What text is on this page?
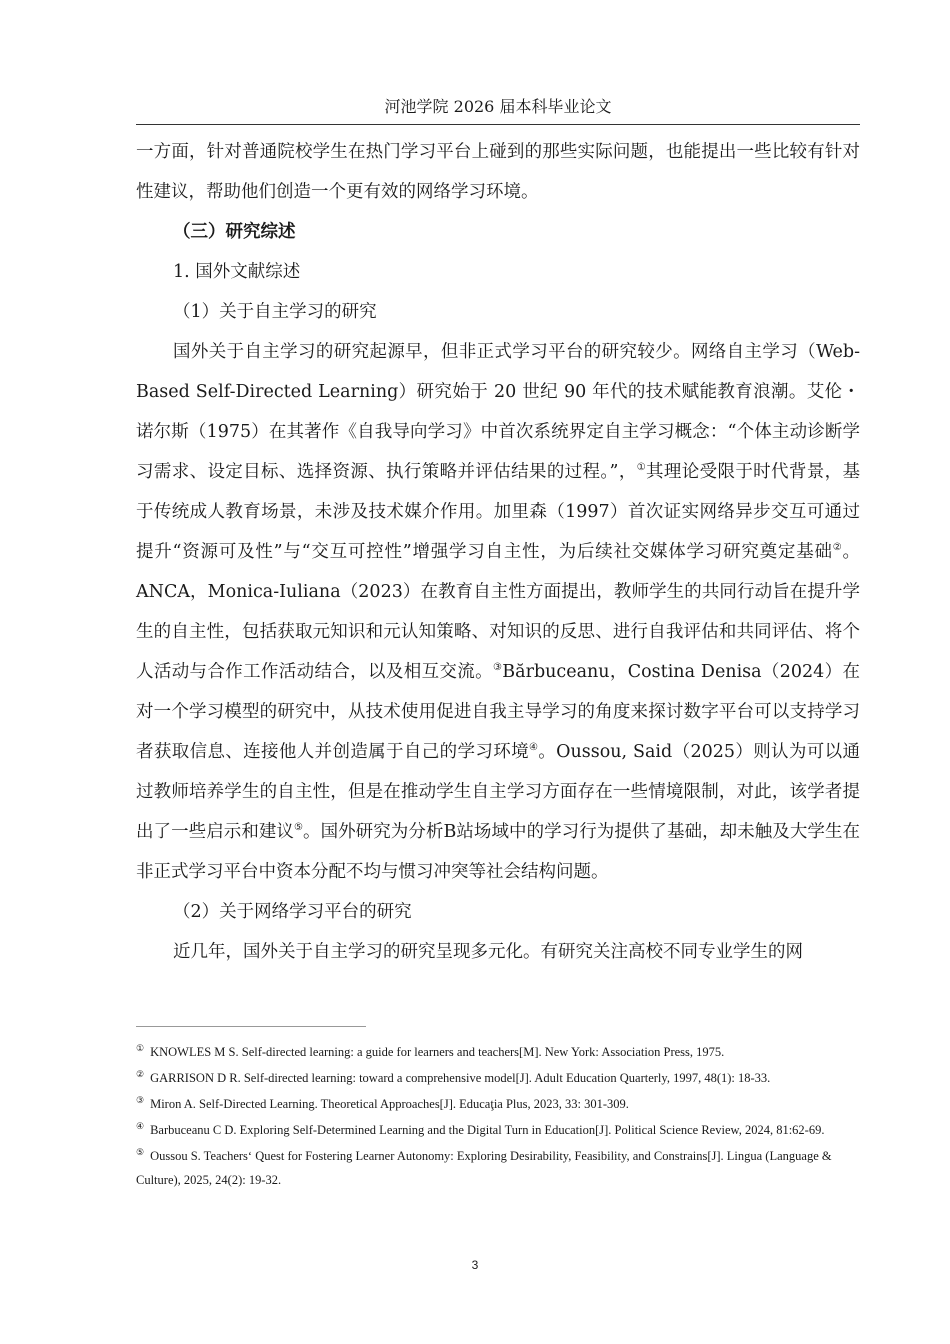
河池学院 2026 届本科毕业论文

一方面，针对普通院校学生在热门学习平台上碰到的那些实际问题，也能提出一些比较有针对性建议，帮助他们创造一个更有效的网络学习环境。

（三）研究综述

1. 国外文献综述

（1）关于自主学习的研究

国外关于自主学习的研究起源早，但非正式学习平台的研究较少。网络自主学习（Web-Based Self-Directed Learning）研究始于 20 世纪 90 年代的技术赋能教育浪潮。艾伦・诺尔斯（1975）在其著作《自我导向学习》中首次系统界定自主学习概念：“个体主动诊断学习需求、设定目标、选择资源、执行策略并评估结果的过程。”，①其理论受限于时代背景，基于传统成人教育场景，未涉及技术媒介作用。加里森（1997）首次证实网络异步交互可通过提升“资源可及性”与“交互可控性”增强学习自主性，为后续社交媒体学习研究奠定基础②。ANCA，Monica-Iuliana（2023）在教育自主性方面提出，教师学生的共同行动旨在提升学生的自主性，包括获取元知识和元认知策略、对知识的反思、进行自我评估和共同评估、将个人活动与合作工作活动结合，以及相互交流。③Bărbuceanu，Costina Denisa（2024）在对一个学习模型的研究中，从技术使用促进自我主导学习的角度来探讨数字平台可以支持学习者获取信息、连接他人并创造属于自己的学习环境④。Oussou, Said（2025）则认为可以通过教师培养学生的自主性，但是在推动学生自主学习方面存在一些情境限制，对此，该学者提出了一些启示和建议⑤。国外研究为分析B站场域中的学习行为提供了基础，却未触及大学生在非正式学习平台中资本分配不均与惯习冲突等社会结构问题。

（2）关于网络学习平台的研究

近几年，国外关于自主学习的研究呈现多元化。有研究关注高校不同专业学生的网

① KNOWLES M S. Self-directed learning: a guide for learners and teachers[M]. New York: Association Press, 1975.

② GARRISON D R. Self-directed learning: toward a comprehensive model[J]. Adult Education Quarterly, 1997, 48(1): 18-33.

③ Miron A. Self-Directed Learning. Theoretical Approaches[J]. Educaţia Plus, 2023, 33: 301-309.

④ Barbuceanu C D. Exploring Self-Determined Learning and the Digital Turn in Education[J]. Political Science Review, 2024, 81:62-69.

⑤ Oussou S. Teachers‘ Quest for Fostering Learner Autonomy: Exploring Desirability, Feasibility, and Constrains[J]. Lingua (Language & Culture), 2025, 24(2): 19-32.

3
